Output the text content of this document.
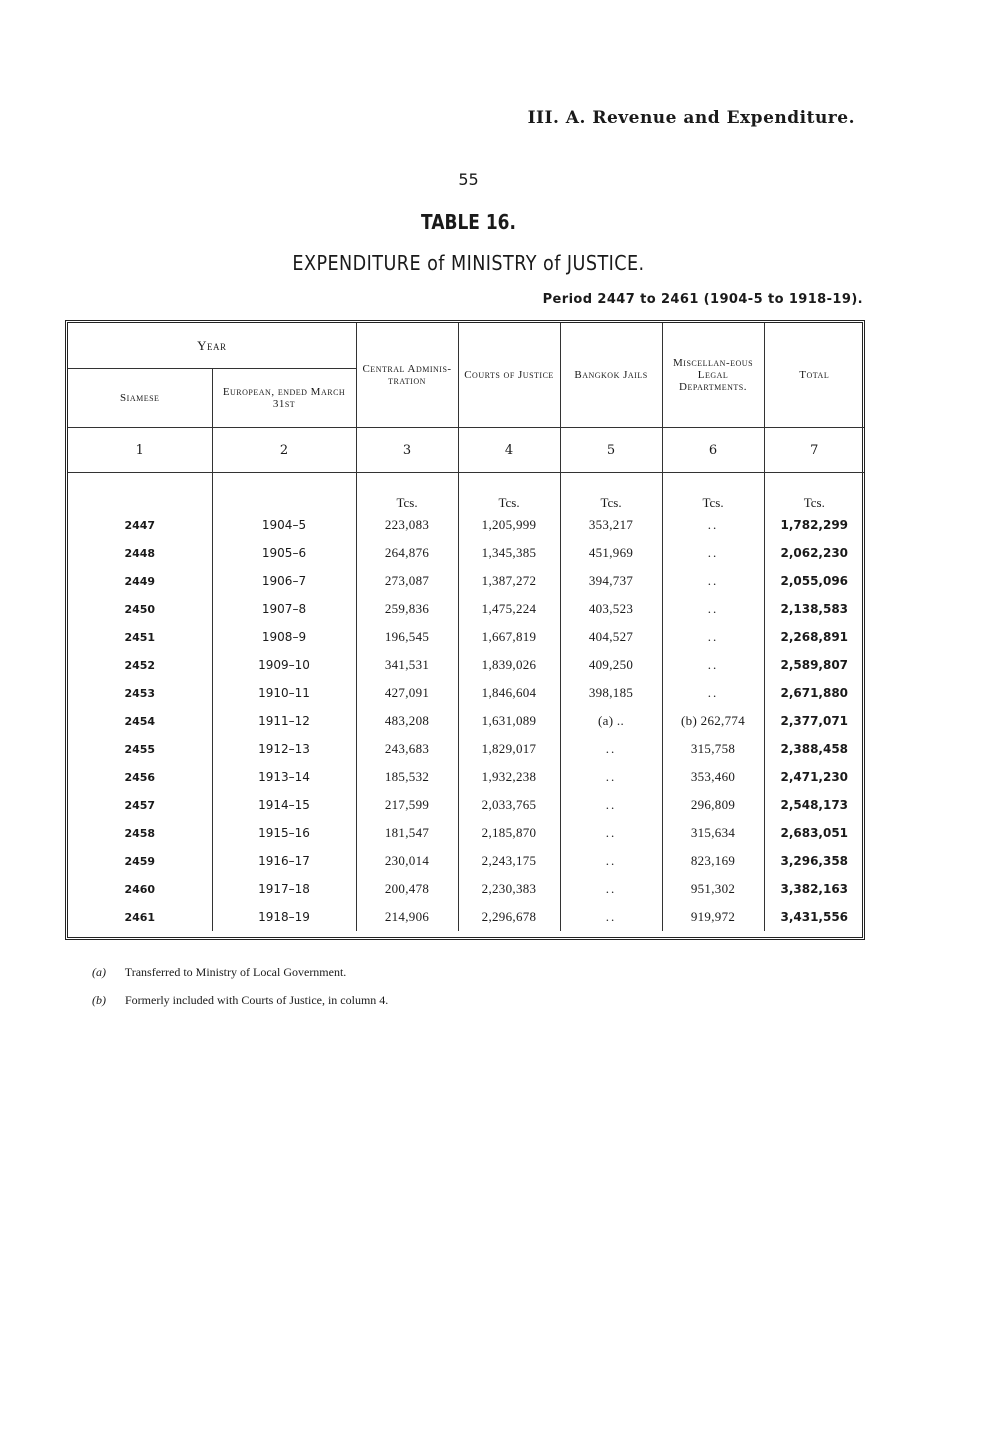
III. A. Revenue and Expenditure.
55
TABLE 16.
EXPENDITURE of MINISTRY of JUSTICE.
Period 2447 to 2461 (1904-5 to 1918-19).
Year		Central Adminis-tration	Courts of Justice	Bangkok Jails	Miscellan-eous Legal Departments.	Total
Siamese	European, ended March 31st					
1	2	3	4	5	6	7
		Tcs.	Tcs.	Tcs.	Tcs.	Tcs.
2447	1904–5	223,083	1,205,999	353,217	..	1,782,299
2448	1905–6	264,876	1,345,385	451,969	..	2,062,230
2449	1906–7	273,087	1,387,272	394,737	..	2,055,096
2450	1907–8	259,836	1,475,224	403,523	..	2,138,583
2451	1908–9	196,545	1,667,819	404,527	..	2,268,891
2452	1909–10	341,531	1,839,026	409,250	..	2,589,807
2453	1910–11	427,091	1,846,604	398,185	..	2,671,880
2454	1911–12	483,208	1,631,089	(a) ..	(b) 262,774	2,377,071
2455	1912–13	243,683	1,829,017	..	315,758	2,388,458
2456	1913–14	185,532	1,932,238	..	353,460	2,471,230
2457	1914–15	217,599	2,033,765	..	296,809	2,548,173
2458	1915–16	181,547	2,185,870	..	315,634	2,683,051
2459	1916–17	230,014	2,243,175	..	823,169	3,296,358
2460	1917–18	200,478	2,230,383	..	951,302	3,382,163
2461	1918–19	214,906	2,296,678	..	919,972	3,431,556
(a) Transferred to Ministry of Local Government.
(b) Formerly included with Courts of Justice, in column 4.
